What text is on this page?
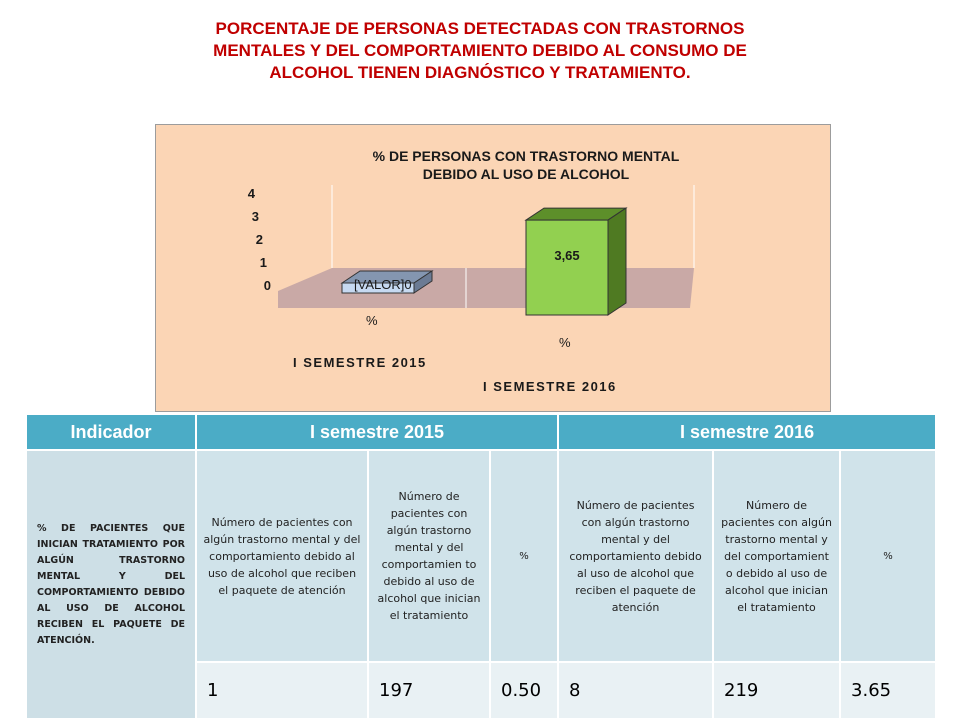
PORCENTAJE DE PERSONAS DETECTADAS CON TRASTORNOS
MENTALES Y DEL COMPORTAMIENTO DEBIDO AL CONSUMO DE
ALCOHOL TIENEN DIAGNÓSTICO Y TRATAMIENTO.
0
1
2
3
4
[VALOR]0
3,65
%
%
I SEMESTRE 2015
I SEMESTRE 2016
% DE PERSONAS CON TRASTORNO MENTAL
DEBIDO AL USO DE ALCOHOL
Indicador	I semestre 2015			I semestre 2016		
% DE PACIENTES QUE INICIAN TRATAMIENTO POR ALGÚN TRASTORNO MENTAL Y DEL COMPORTAMIENTO DEBIDO AL USO DE ALCOHOL RECIBEN EL PAQUETE DE ATENCIÓN.	Número de pacientes con algún trastorno mental y del comportamiento debido al uso de alcohol que reciben el paquete de atención	Número de pacientes con algún trastorno mental y del comportamien to debido al uso de alcohol que inician el tratamiento	%	Número de pacientes con algún trastorno mental y del comportamiento debido al uso de alcohol que reciben el paquete de atención	Número de pacientes con algún trastorno mental y del comportamient o debido al uso de alcohol que inician el tratamiento	%
	1	197	0.50	8	219	3.65
